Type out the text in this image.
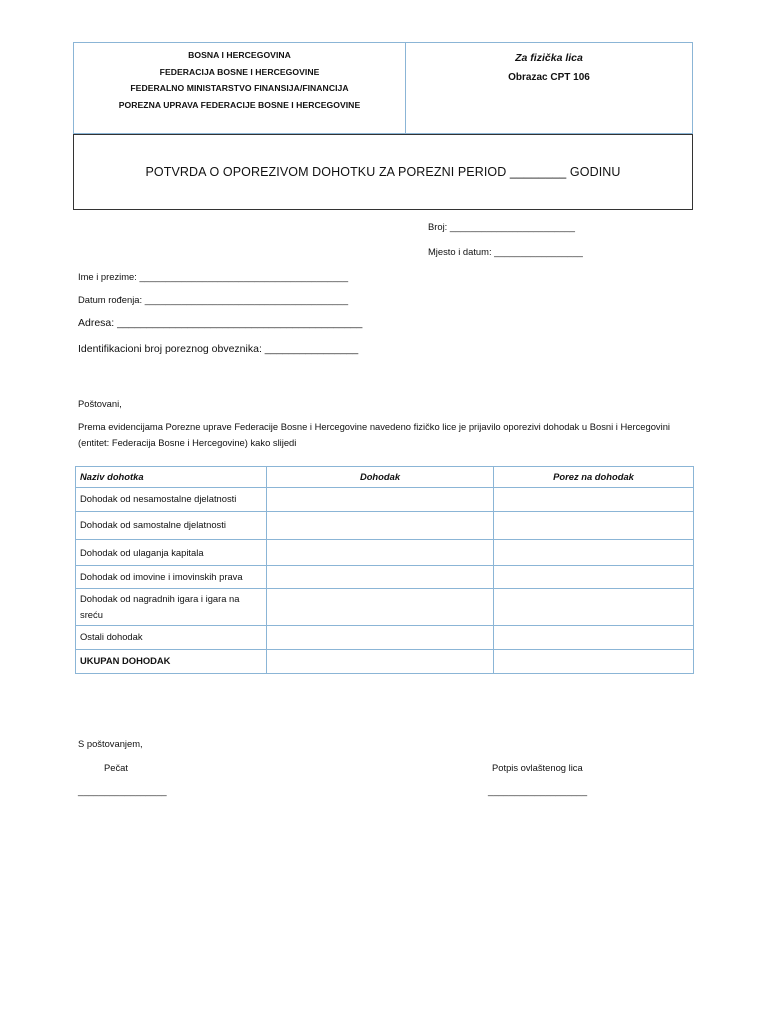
BOSNA I HERCEGOVINA
FEDERACIJA BOSNE I HERCEGOVINE
FEDERALNO MINISTARSTVO FINANSIJA/FINANCIJA
POREZNA UPRAVA FEDERACIJE BOSNE I HERCEGOVINE
Za fizička lica
Obrazac CPT 106
POTVRDA O OPOREZIVOM DOHOTKU ZA POREZNI PERIOD ________ GODINU
Broj: ________________________
Mjesto i datum: _________________
Ime i prezime: ________________________________________
Datum rođenja: _______________________________________
Adresa: __________________________________________
Identifikacioni broj poreznog obveznika: ________________
Poštovani,
Prema evidencijama Porezne uprave Federacije Bosne i Hercegovine navedeno fizičko lice je prijavilo oporezivi dohodak u Bosni i Hercegovini
(entitet: Federacija Bosne i Hercegovine) kako slijedi
Naziv dohotka	Dohodak	Porez na dohodak
Dohodak od nesamostalne djelatnosti		
Dohodak od samostalne djelatnosti		
Dohodak od ulaganja kapitala		
Dohodak od imovine i imovinskih prava		
Dohodak od nagradnih igara i igara na sreću		
Ostali dohodak		
UKUPAN DOHODAK		
S poštovanjem,
Pečat	Potpis ovlaštenog lica
_________________	___________________
